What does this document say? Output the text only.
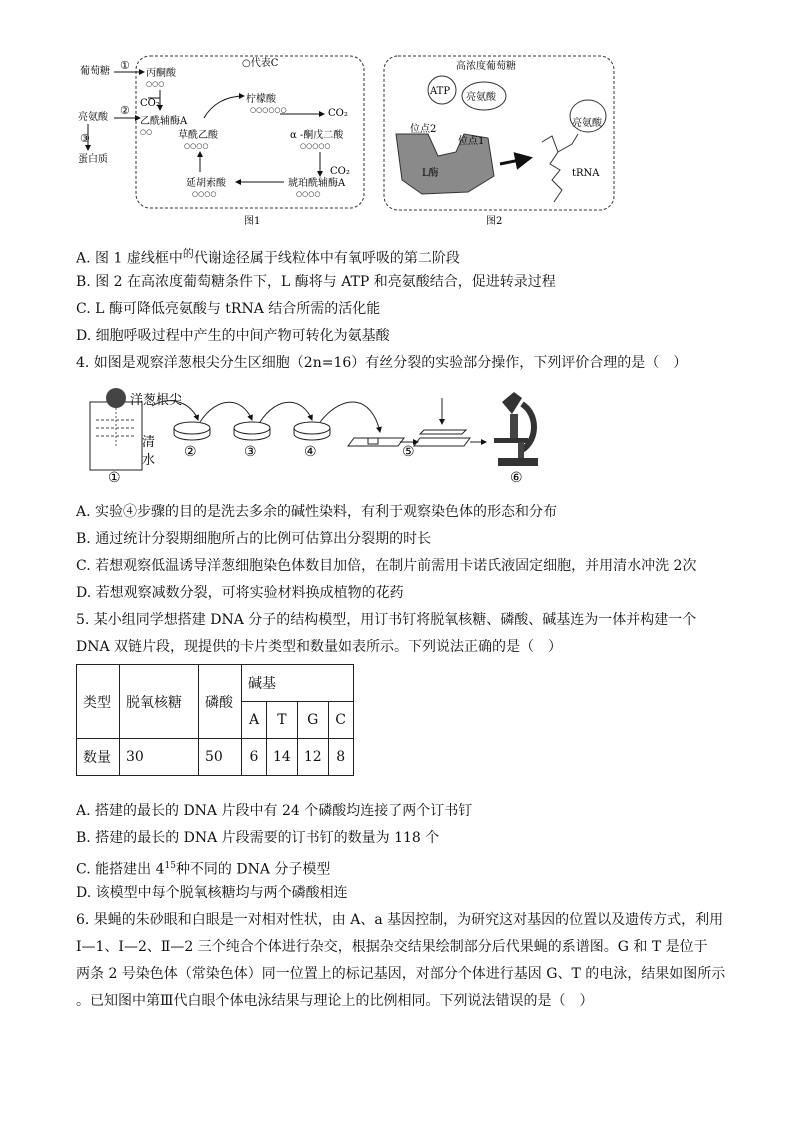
葡萄糖 ①
丙酮酸
○○○
○代表C
CO₂
亮氨酸
②
乙酰辅酶A
○○
③
蛋白质
柠檬酸
○○○○○○	CO₂
草酰乙酸
○○○○
α -酮戊二酸
○○○○○
CO₂
琥珀酰辅酶A
○○○○
延胡索酸
○○○○
图1
高浓度葡萄糖
ATP
亮氨酸
位点2
位点1
L酶
亮氨酸
tRNA
图2
A. 图 1 虚线框中$^的$代谢途径属于线粒体中有氧呼吸的第二阶段
B. 图 2 在高浓度葡萄糖条件下，L 酶将与 ATP 和亮氨酸结合，促进转录过程
C. L 酶可降低亮氨酸与 tRNA 结合所需的活化能
D. 细胞呼吸过程中产生的中间产物可转化为氨基酸
4. 如图是观察洋葱根尖分生区细胞（2n=16）有丝分裂的实验部分操作，下列评价合理的是（　）
清
水
①
洋葱根尖
②	③	④	⑤
⑥
A. 实验④步骤的目的是洗去多余的碱性染料，有利于观察染色体的形态和分布
B. 通过统计分裂期细胞所占的比例可估算出分裂期的时长
C. 若想观察低温诱导洋葱细胞染色体数目加倍，在制片前需用卡诺氏液固定细胞，并用清水冲洗 2次
D. 若想观察减数分裂，可将实验材料换成植物的花药
5. 某小组同学想搭建 DNA 分子的结构模型，用订书钉将脱氧核糖、磷酸、碱基连为一体并构建一个
DNA 双链片段，现提供的卡片类型和数量如表所示。下列说法正确的是（　）
类型	脱氧核糖	磷酸	碱基			
			A	T	G	C
数量	30	50	6	14	12	8
A. 搭建的最长的 DNA 片段中有 24 个磷酸均连接了两个订书钉
B. 搭建的最长的 DNA 片段需要的订书钉的数量为 118 个
C. 能搭建出 $4^{15}$种不同的 DNA 分子模型
D. 该模型中每个脱氧核糖均与两个磷酸相连
6. 果蝇的朱砂眼和白眼是一对相对性状，由 A、a 基因控制，为研究这对基因的位置以及遗传方式，利用
Ⅰ—1、Ⅰ—2、Ⅱ—2 三个纯合个体进行杂交，根据杂交结果绘制部分后代果蝇的系谱图。G 和 T 是位于
两条 2 号染色体（常染色体）同一位置上的标记基因，对部分个体进行基因 G、T 的电泳，结果如图所示
。已知图中第Ⅲ代白眼个体电泳结果与理论上的比例相同。下列说法错误的是（　）
